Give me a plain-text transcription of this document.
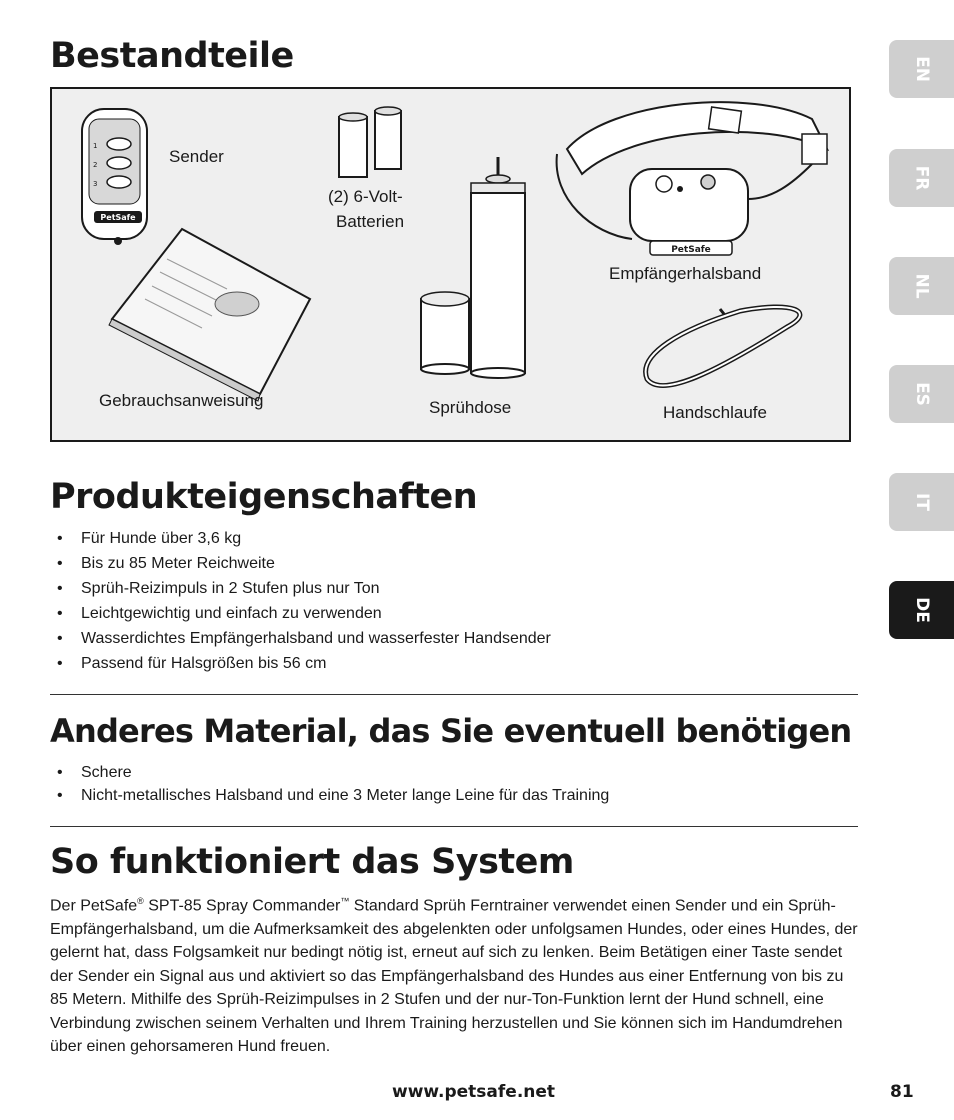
EN
FR
NL
ES
IT
DE
Bestandteile
1
2
3
PetSafe
PetSafe
Sender
(2) 6-Volt-
Batterien
Empfängerhalsband
Gebrauchsanweisung	Sprühdose	Handschlaufe
Produkteigenschaften
• Für Hunde über 3,6 kg
• Bis zu 85 Meter Reichweite
• Sprüh-Reizimpuls in 2 Stufen plus nur Ton
• Leichtgewichtig und einfach zu verwenden
• Wasserdichtes Empfängerhalsband und wasserfester Handsender
• Passend für Halsgrößen bis 56 cm
Anderes Material, das Sie eventuell benötigen
• Schere
• Nicht-metallisches Halsband und eine 3 Meter lange Leine für das Training
So funktioniert das System

Der PetSafe® SPT-85 Spray Commander™ Standard Sprüh Ferntrainer verwendet einen Sender und ein Sprüh-Empfängerhalsband, um die Aufmerksamkeit des abgelenkten oder unfolgsamen Hundes, oder eines Hundes, der gelernt hat, dass Folgsamkeit nur bedingt nötig ist, erneut auf sich zu lenken. Beim Betätigen einer Taste sendet der Sender ein Signal aus und aktiviert so das Empfängerhalsband des Hundes aus einer Entfernung von bis zu 85 Metern. Mithilfe des Sprüh-Reizimpulses in 2 Stufen und der nur-Ton-Funktion lernt der Hund schnell, eine Verbindung zwischen seinem Verhalten und Ihrem Training herzustellen und Sie können sich im Handumdrehen über einen gehorsameren Hund freuen.

www.petsafe.net	81
